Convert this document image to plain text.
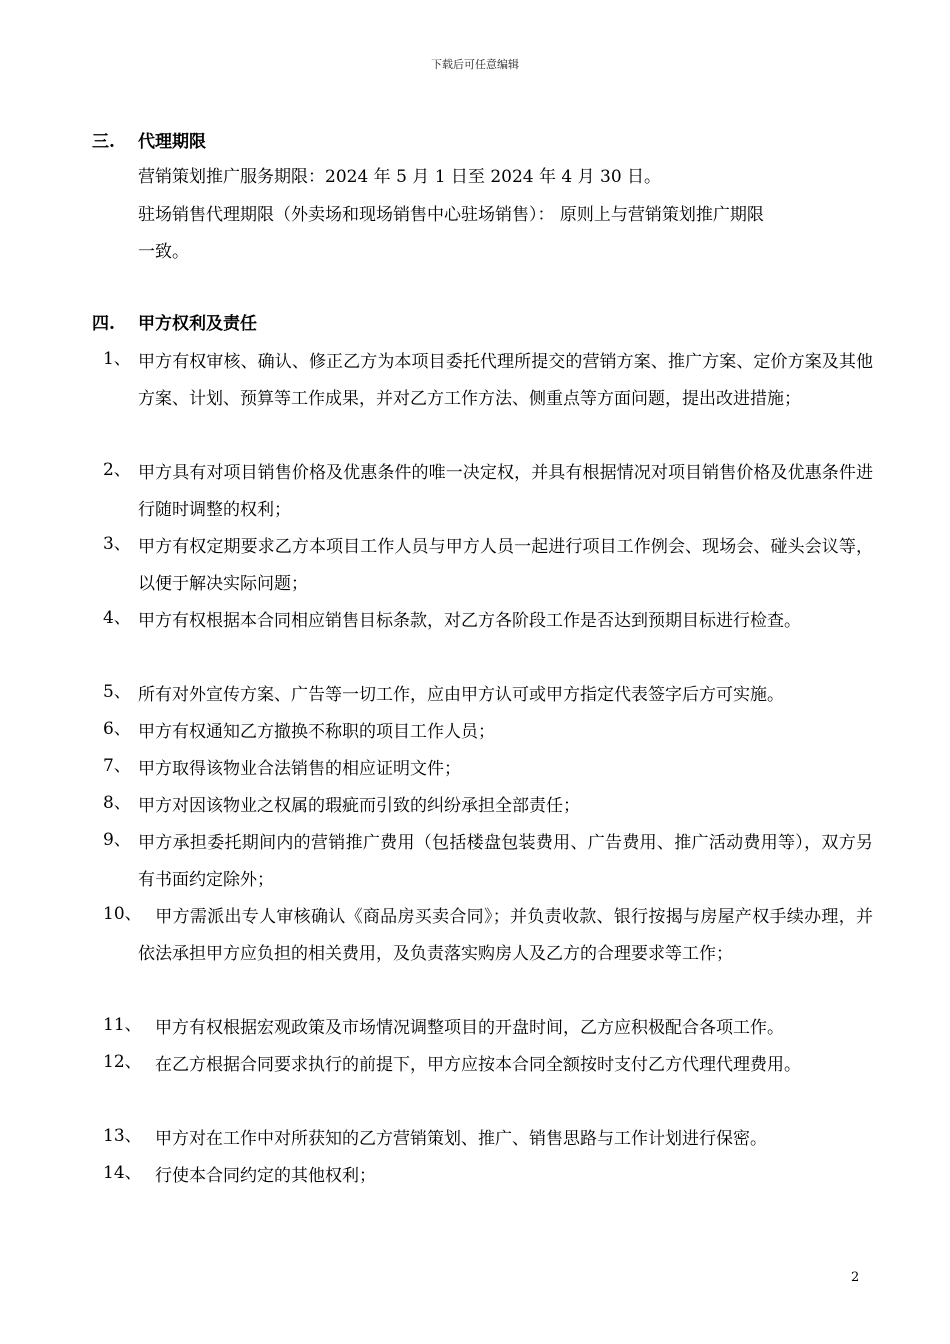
下载后可任意编辑
三. 代理期限
营销策划推广服务期限：2024 年 5 月 1 日至 2024 年 4 月 30 日。
驻场销售代理期限（外卖场和现场销售中心驻场销售）： 原则上与营销策划推广期限
一致。
四. 甲方权利及责任
1、 甲方有权审核、确认、修正乙方为本项目委托代理所提交的营销方案、推广方案、定价方案及其他方案、计划、预算等工作成果，并对乙方工作方法、侧重点等方面问题，提出改进措施；
2、 甲方具有对项目销售价格及优惠条件的唯一决定权，并具有根据情况对项目销售价格及优惠条件进行随时调整的权利；
3、 甲方有权定期要求乙方本项目工作人员与甲方人员一起进行项目工作例会、现场会、碰头会议等，以便于解决实际问题；
4、 甲方有权根据本合同相应销售目标条款，对乙方各阶段工作是否达到预期目标进行检查。
5、 所有对外宣传方案、广告等一切工作，应由甲方认可或甲方指定代表签字后方可实施。
6、 甲方有权通知乙方撤换不称职的项目工作人员；
7、 甲方取得该物业合法销售的相应证明文件；
8、 甲方对因该物业之权属的瑕疵而引致的纠纷承担全部责任；
9、 甲方承担委托期间内的营销推广费用（包括楼盘包装费用、广告费用、推广活动费用等），双方另有书面约定除外；
10、
　甲方需派出专人审核确认《商品房买卖合同》；并负责收款、银行按揭与房屋产权手续办理，并依法承担甲方应负担的相关费用，及负责落实购房人及乙方的合理要求等工作；
11、
　甲方有权根据宏观政策及市场情况调整项目的开盘时间，乙方应积极配合各项工作。
12、
　在乙方根据合同要求执行的前提下，甲方应按本合同全额按时支付乙方代理代理费用。
13、
　甲方对在工作中对所获知的乙方营销策划、推广、销售思路与工作计划进行保密。
14、
　行使本合同约定的其他权利；
2
